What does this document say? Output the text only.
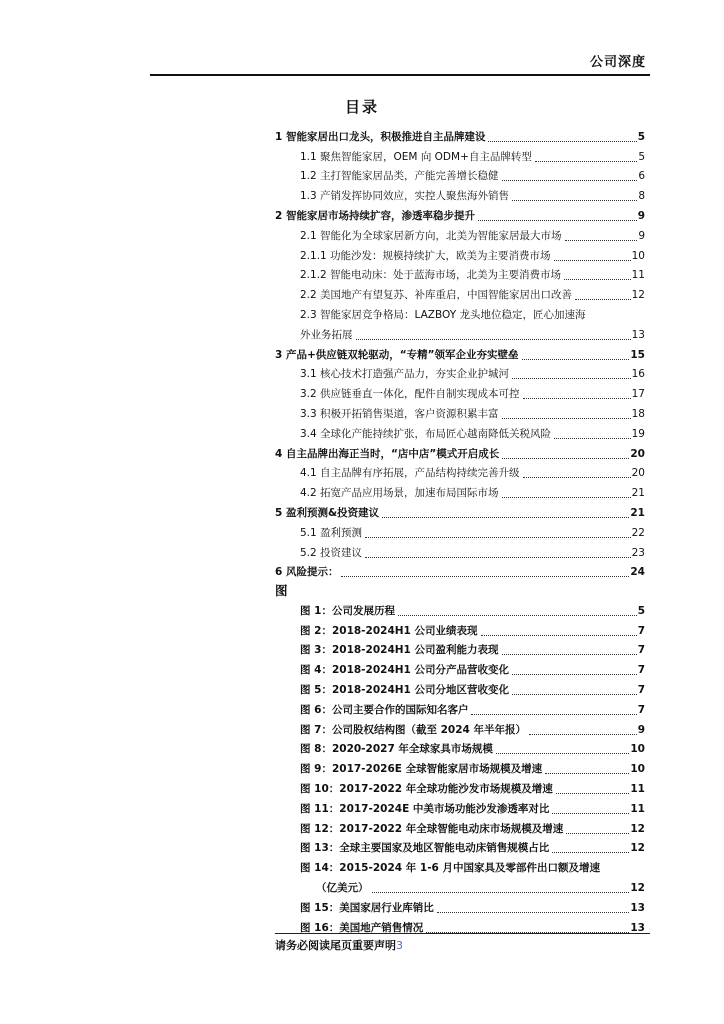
公司深度
目录
1 智能家居出口龙头，积极推进自主品牌建设	5
1.1 聚焦智能家居，OEM 向 ODM+自主品牌转型	5
1.2 主打智能家居品类，产能完善增长稳健	6
1.3 产销发挥协同效应，实控人聚焦海外销售	8
2 智能家居市场持续扩容，渗透率稳步提升	9
2.1 智能化为全球家居新方向，北美为智能家居最大市场	9
2.1.1 功能沙发：规模持续扩大，欧美为主要消费市场	10
2.1.2 智能电动床：处于蓝海市场，北美为主要消费市场	11
2.2 美国地产有望复苏、补库重启，中国智能家居出口改善	12
2.3 智能家居竞争格局：LAZBOY 龙头地位稳定，匠心加速海
外业务拓展	13
3 产品+供应链双轮驱动，“专精”领军企业夯实壁垒	15
3.1 核心技术打造强产品力，夯实企业护城河	16
3.2 供应链垂直一体化，配件自制实现成本可控	17
3.3 积极开拓销售渠道，客户资源积累丰富	18
3.4 全球化产能持续扩张，布局匠心越南降低关税风险	19
4 自主品牌出海正当时，“店中店”模式开启成长	20
4.1 自主品牌有序拓展，产品结构持续完善升级	20
4.2 拓宽产品应用场景，加速布局国际市场	21
5 盈利预测&投资建议	21
5.1 盈利预测	22
5.2 投资建议	23
6 风险提示：	24
图
图 1：公司发展历程	5
图 2：2018-2024H1 公司业绩表现	7
图 3：2018-2024H1 公司盈利能力表现	7
图 4：2018-2024H1 公司分产品营收变化	7
图 5：2018-2024H1 公司分地区营收变化	7
图 6：公司主要合作的国际知名客户	7
图 7：公司股权结构图（截至 2024 年半年报）	9
图 8：2020-2027 年全球家具市场规模	10
图 9：2017-2026E 全球智能家居市场规模及增速	10
图 10：2017-2022 年全球功能沙发市场规模及增速	11
图 11：2017-2024E 中美市场功能沙发渗透率对比	11
图 12：2017-2022 年全球智能电动床市场规模及增速	12
图 13：全球主要国家及地区智能电动床销售规模占比	12
图 14：2015-2024 年 1-6 月中国家具及零部件出口额及增速
（亿美元）	12
图 15：美国家居行业库销比	13
图 16：美国地产销售情况	13
请务必阅读尾页重要声明3
